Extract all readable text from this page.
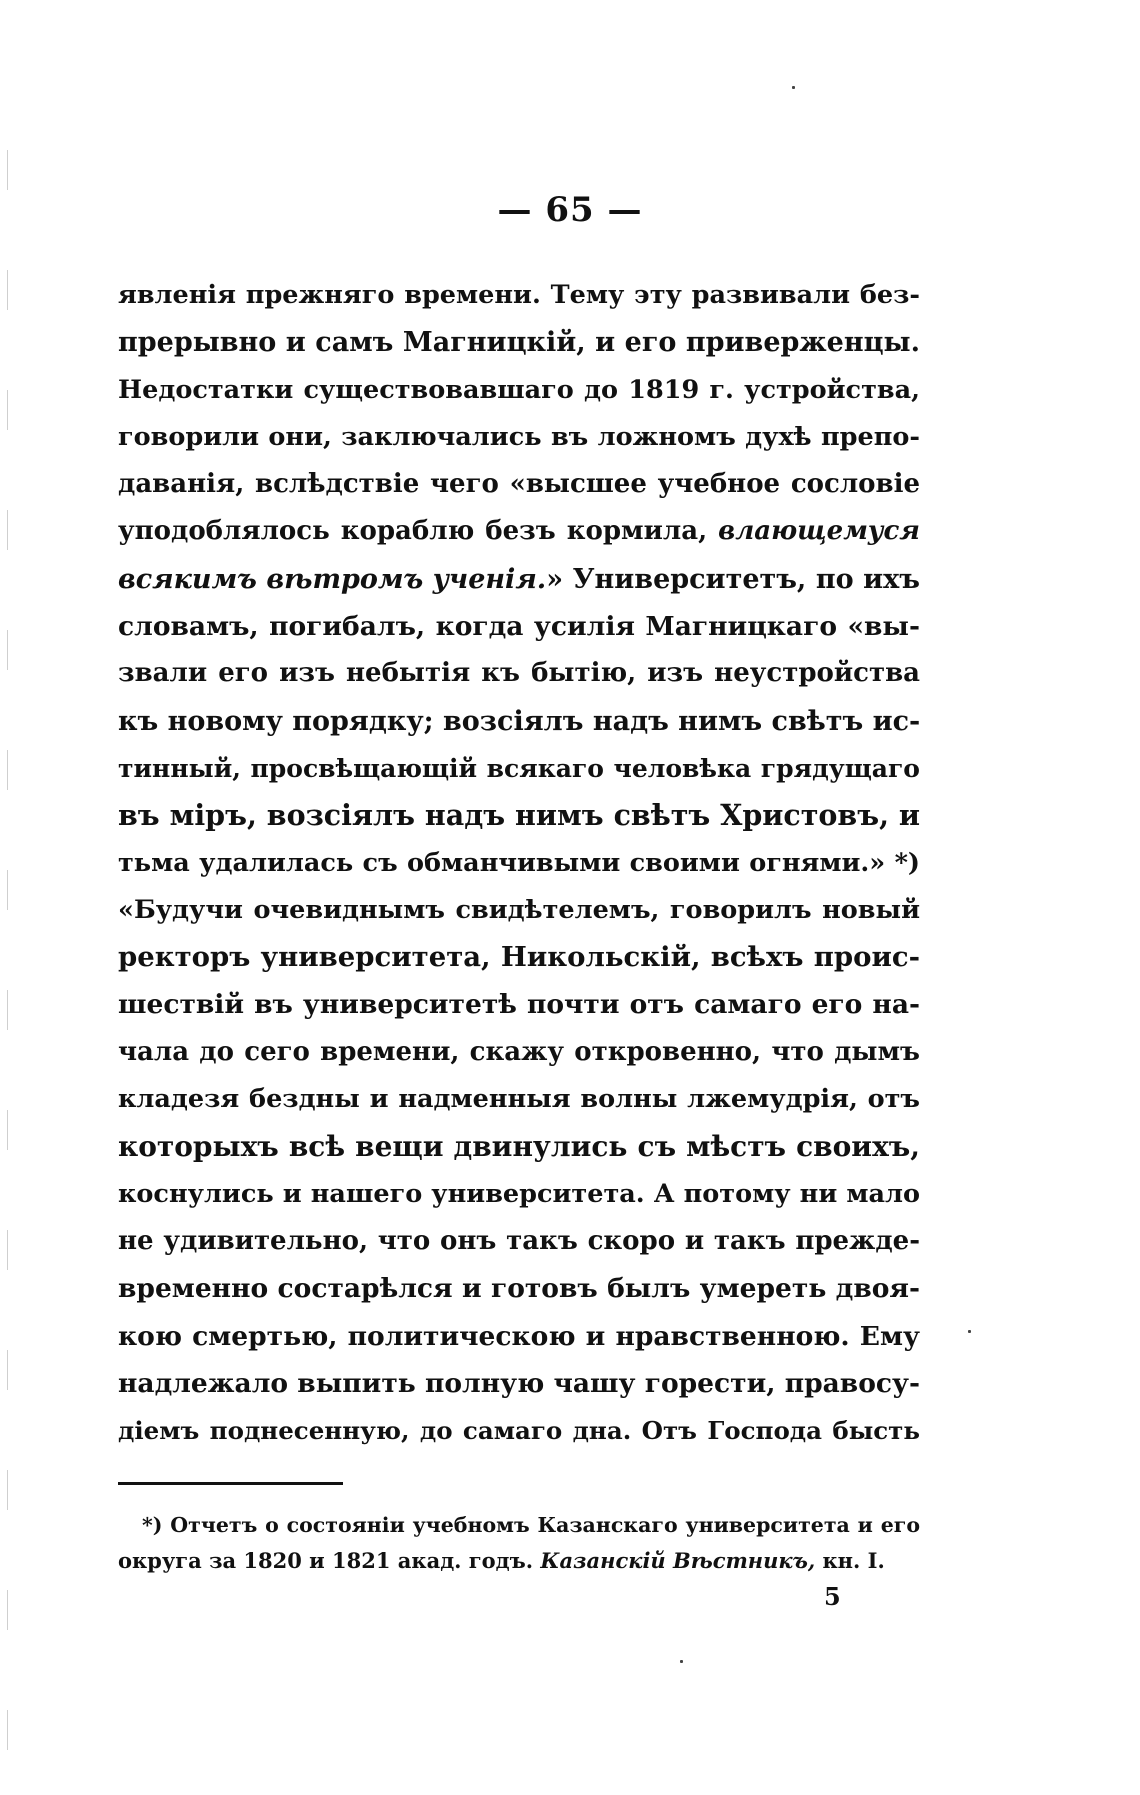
— 65 —
явленія прежняго времени. Тему эту развивали без-
прерывно и самъ Магницкій, и его приверженцы.
Недостатки существовавшаго до 1819 г. устройства,
говорили они, заключались въ ложномъ духѣ препо-
даванія, вслѣдствіе чего «высшее учебное сословіе
уподоблялось кораблю безъ кормила, влающемуся
всякимъ вѣтромъ ученія.» Университетъ, по ихъ
словамъ, погибалъ, когда усилія Магницкаго «вы-
звали его изъ небытія къ бытію, изъ неустройства
къ новому порядку; возсіялъ надъ нимъ свѣтъ ис-
тинный, просвѣщающій всякаго человѣка грядущаго
въ міръ, возсіялъ надъ нимъ свѣтъ Христовъ, и
тьма удалилась съ обманчивыми своими огнями.» *)
«Будучи очевиднымъ свидѣтелемъ, говорилъ новый
ректоръ университета, Никольскій, всѣхъ проис-
шествій въ университетѣ почти отъ самаго его на-
чала до сего времени, скажу откровенно, что дымъ
кладезя бездны и надменныя волны лжемудрія, отъ
которыхъ всѣ вещи двинулись съ мѣстъ своихъ,
коснулись и нашего университета. А потому ни мало
не удивительно, что онъ такъ скоро и такъ прежде-
временно состарѣлся и готовъ былъ умереть двоя-
кою смертью, политическою и нравственною. Ему
надлежало выпить полную чашу горести, правосу-
діемъ поднесенную, до самаго дна. Отъ Господа бысть
*) Отчетъ о состояніи учебномъ Казанскаго университета и его
округа за 1820 и 1821 акад. годъ. Казанскій Вѣстникъ, кн. I.
5
